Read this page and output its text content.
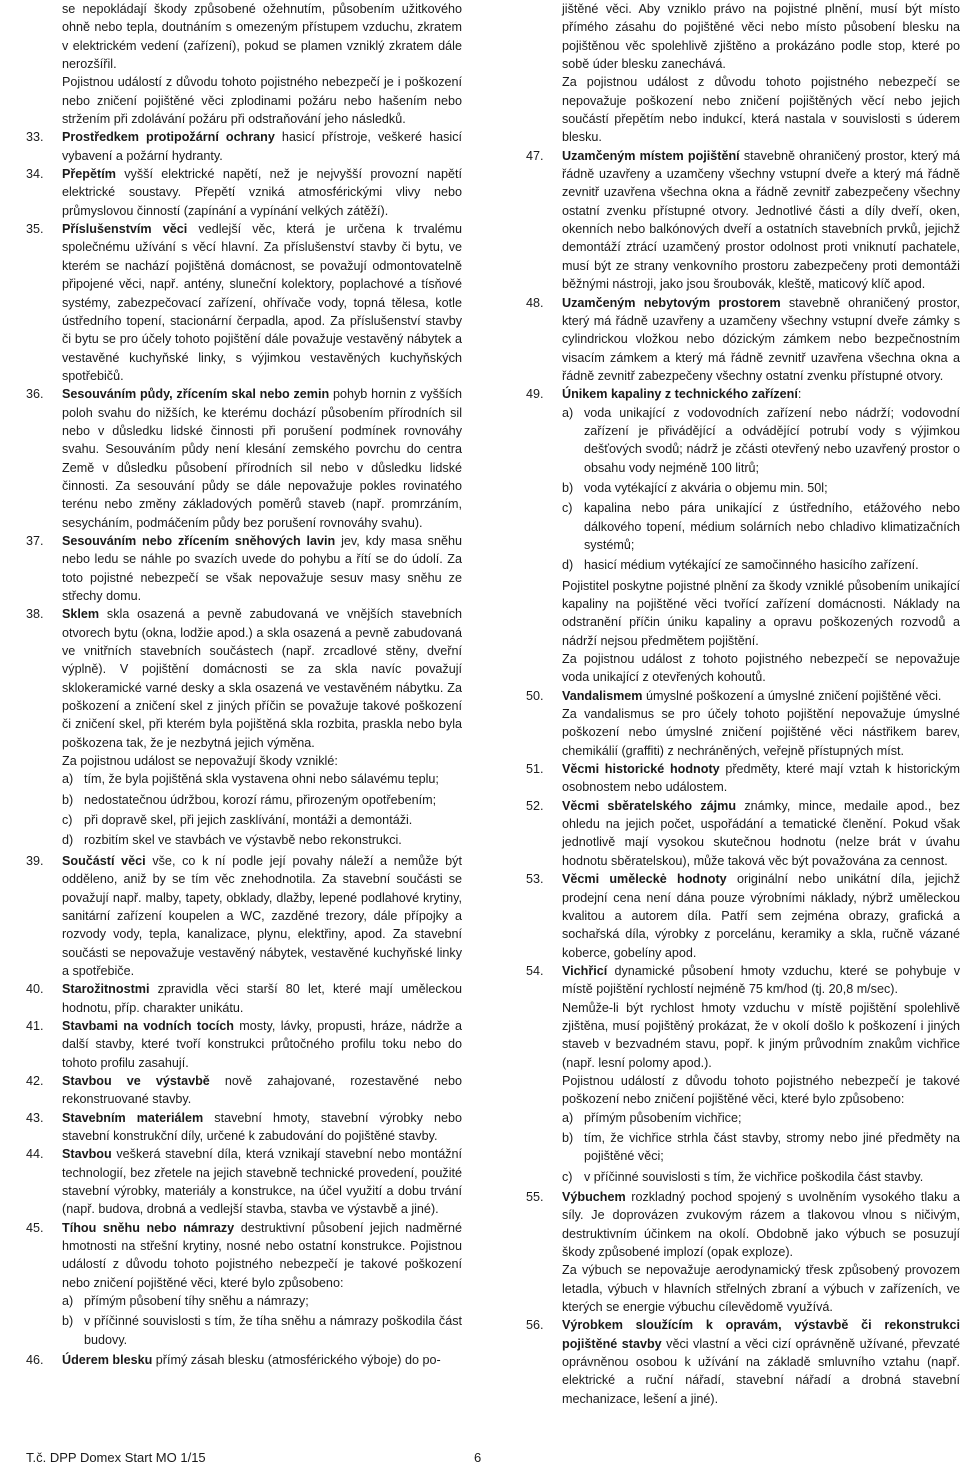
se nepokládají škody způsobené ožehnutím, působením užitkového ohně nebo tepla, doutnáním s omezeným přístupem vzduchu, zkratem v elektrickém vedení (zařízení), pokud se plamen vzniklý zkratem dále nerozšířil.

Pojistnou událostí z důvodu tohoto pojistného nebezpečí je i poškození nebo zničení pojištěné věci zplodinami požáru nebo hašením nebo stržením při zdolávání požáru při odstraňování jeho následků.

33.	Prostředkem protipožární ochrany hasicí přístroje, veškeré hasicí vybavení a požární hydranty.
34.	Přepětím vyšší elektrické napětí, než je nejvyšší provozní napětí elektrické soustavy. Přepětí vzniká atmosférickými vlivy nebo průmyslovou činností (zapínání a vypínání velkých zátěží).
35.	Příslušenstvím věci vedlejší věc, která je určena k trvalému společnému užívání s věcí hlavní. Za příslušenství stavby či bytu, ve kterém se nachází pojištěná domácnost, se považují odmontovatelně připojené věci, např. antény, sluneční kolektory, poplachové a tísňové systémy, zabezpečovací zařízení, ohřívače vody, topná tělesa, kotle ústředního topení, stacionární čerpadla, apod. Za příslušenství stavby či bytu se pro účely tohoto pojištění dále považuje vestavěný nábytek a vestavěné kuchyňské linky, s výjimkou vestavěných kuchyňských spotřebičů.
36.	Sesouváním půdy, zřícením skal nebo zemin pohyb hornin z vyšších poloh svahu do nižších, ke kterému dochází působením přírodních sil nebo v důsledku lidské činnosti při porušení podmínek rovnováhy svahu. Sesouváním půdy není klesání zemského povrchu do centra Země v důsledku působení přírodních sil nebo v důsledku lidské činnosti. Za sesouvání půdy se dále nepovažuje pokles rovinatého terénu nebo změny základových poměrů staveb (např. promrzáním, sesycháním, podmáčením půdy bez porušení rovnováhy svahu).
37.	Sesouváním nebo zřícením sněhových lavin jev, kdy masa sněhu nebo ledu se náhle po svazích uvede do pohybu a řítí se do údolí. Za toto pojistné nebezpečí se však nepovažuje sesuv masy sněhu ze střechy domu.
38.	Sklem skla osazená a pevně zabudovaná ve vnějších stavebních otvorech bytu (okna, lodžie apod.) a skla osazená a pevně zabudovaná ve vnitřních stavebních součástech (např. zrcadlové stěny, dveřní výplně). V pojištění domácnosti se za skla navíc považují sklokeramické varné desky a skla osazená ve vestavěném nábytku. Za poškození a zničení skel z jiných příčin se považuje takové poškození či zničení skel, při kterém byla pojištěná skla rozbita, praskla nebo byla poškozena tak, že je nezbytná jejich výměna.

Za pojistnou událost se nepovažují škody vzniklé:

a) tím, že byla pojištěná skla vystavena ohni nebo sálavému teplu;
b) nedostatečnou údržbou, korozí rámu, přirozeným opotřebením;
c) při dopravě skel, při jejich zasklívání, montáži a demontáži.
d) rozbitím skel ve stavbách ve výstavbě nebo rekonstrukci.
39.	Součástí věci vše, co k ní podle její povahy náleží a nemůže být odděleno, aniž by se tím věc znehodnotila. Za stavební součásti se považují např. malby, tapety, obklady, dlažby, lepené podlahové krytiny, sanitární zařízení koupelen a WC, zazděné trezory, dále přípojky a rozvody vody, tepla, kanalizace, plynu, elektřiny, apod. Za stavební součásti se nepovažuje vestavěný nábytek, vestavěné kuchyňské linky a spotřebiče.
40.	Starožitnostmi zpravidla věci starší 80 let, které mají uměleckou hodnotu, příp. charakter unikátu.
41.	Stavbami na vodních tocích mosty, lávky, propusti, hráze, nádrže a další stavby, které tvoří konstrukci průtočného profilu toku nebo do tohoto profilu zasahují.
42.	Stavbou ve výstavbě nově zahajované, rozestavěné nebo rekonstruované stavby.
43.	Stavebním materiálem stavební hmoty, stavební výrobky nebo stavební konstrukční díly, určené k zabudování do pojištěné stavby.
44.	Stavbou veškerá stavební díla, která vznikají stavební nebo montážní technologií, bez zřetele na jejich stavebně technické provedení, použité stavební výrobky, materiály a konstrukce, na účel využití a dobu trvání (např. budova, drobná a vedlejší stavba, stavba ve výstavbě a jiné).
45.	Tíhou sněhu nebo námrazy destruktivní působení jejich nadměrné hmotnosti na střešní krytiny, nosné nebo ostatní konstrukce. Pojistnou událostí z důvodu tohoto pojistného nebezpečí je takové poškození nebo zničení pojištěné věci, které bylo způsobeno:
a) přímým působení tíhy sněhu a námrazy;
b) v příčinné souvislosti s tím, že tíha sněhu a námrazy poškodila část budovy.
46.	Úderem blesku přímý zásah blesku (atmosférického výboje) do po-

jištěné věci. Aby vzniklo právo na pojistné plnění, musí být místo přímého zásahu do pojištěné věci nebo místo působení blesku na pojištěnou věc spolehlivě zjištěno a prokázáno podle stop, které po sobě úder blesku zanechává.

Za pojistnou událost z důvodu tohoto pojistného nebezpečí se nepovažuje poškození nebo zničení pojištěných věcí nebo jejich součástí přepětím nebo indukcí, která nastala v souvislosti s úderem blesku.

47.	Uzamčeným místem pojištění stavebně ohraničený prostor, který má řádně uzavřeny a uzamčeny všechny vstupní dveře a který má řádně zevnitř uzavřena všechna okna a řádně zevnitř zabezpečeny všechny ostatní zvenku přístupné otvory. Jednotlivé části a díly dveří, oken, okenních nebo balkónových dveří a ostatních stavebních prvků, jejichž demontáží ztrácí uzamčený prostor odolnost proti vniknutí pachatele, musí být ze strany venkovního prostoru zabezpečeny proti demontáži běžnými nástroji, jako jsou šroubovák, kleště, maticový klíč apod.
48.	Uzamčeným nebytovým prostorem stavebně ohraničený prostor, který má řádně uzavřeny a uzamčeny všechny vstupní dveře zámky s cylindrickou vložkou nebo dózickým zámkem nebo bezpečnostním visacím zámkem a který má řádně zevnitř uzavřena všechna okna a řádně zevnitř zabezpečeny všechny ostatní zvenku přístupné otvory.
49.	Únikem kapaliny z technického zařízení:
a) voda unikající z vodovodních zařízení nebo nádrží; vodovodní zařízení je přivádějící a odvádějící potrubí vody s výjimkou dešťových svodů; nádrž je zčásti otevřený nebo uzavřený prostor o obsahu vody nejméně 100 litrů;
b) voda vytékající z akvária o objemu min. 50l;
c) kapalina nebo pára unikající z ústředního, etážového nebo dálkového topení, médium solárních nebo chladivo klimatizačních systémů;
d) hasicí médium vytékající ze samočinného hasicího zařízení.

Pojistitel poskytne pojistné plnění za škody vzniklé působením unikající kapaliny na pojištěné věci tvořící zařízení domácnosti. Náklady na odstranění příčin úniku kapaliny a opravu poškozených rozvodů a nádrží nejsou předmětem pojištění.

Za pojistnou událost z tohoto pojistného nebezpečí se nepovažuje voda unikající z otevřených kohoutů.

50.	Vandalismem úmyslné poškození a úmyslné zničení pojištěné věci.

Za vandalismus se pro účely tohoto pojištění nepovažuje úmyslné poškození nebo úmyslné zničení pojištěné věci nástřikem barev, chemikálií (graffiti) z nechráněných, veřejně přístupných míst.

51.	Věcmi historické hodnoty předměty, které mají vztah k historickým osobnostem nebo událostem.
52.	Věcmi sběratelského zájmu známky, mince, medaile apod., bez ohledu na jejich počet, uspořádání a tematické členění. Pokud však jednotlivě mají vysokou skutečnou hodnotu (nelze brát v úvahu hodnotu sběratelskou), může taková věc být považována za cennost.
53.	Věcmi uměleckė hodnoty originální nebo unikátní díla, jejichž prodejní cena není dána pouze výrobními náklady, nýbrž uměleckou kvalitou a autorem díla. Patří sem zejména obrazy, grafická a sochařská díla, výrobky z porcelánu, keramiky a skla, ručně vázané koberce, gobelíny apod.
54.	Vichřicí dynamické působení hmoty vzduchu, které se pohybuje v místě pojištění rychlostí nejméně 75 km/hod (tj. 20,8 m/sec).

Nemůže-li být rychlost hmoty vzduchu v místě pojištění spolehlivě zjištěna, musí pojištěný prokázat, že v okolí došlo k poškození i jiných staveb v bezvadném stavu, popř. k jiným průvodním znakům vichřice (např. lesní polomy apod.).

Pojistnou událostí z důvodu tohoto pojistného nebezpečí je takové poškození nebo zničení pojištěné věci, které bylo způsobeno:

a) přímým působením vichřice;
b) tím, že vichřice strhla část stavby, stromy nebo jiné předměty na pojištěné věci;
c) v příčinné souvislosti s tím, že vichřice poškodila část stavby.
55.	Výbuchem rozkladný pochod spojený s uvolněním vysokého tlaku a síly. Je doprovázen zvukovým rázem a tlakovou vlnou s ničivým, destruktivním účinkem na okolí. Obdobně jako výbuch se posuzují škody způsobené implozí (opak exploze).

Za výbuch se nepovažuje aerodynamický třesk způsobený provozem letadla, výbuch v hlavních střelných zbraní a výbuch v zařízeních, ve kterých se energie výbuchu cílevědomě využívá.

56.	Výrobkem sloužícím k opravám, výstavbě či rekonstrukci pojištěné stavby věci vlastní a věci cizí oprávněně užívané, převzaté oprávněnou osobou k užívání na základě smluvního vztahu (např. elektrické a ruční nářadí, stavební nářadí a drobná stavební mechanizace, lešení a jiné).
T.č. DPP Domex Start MO 1/15	6
